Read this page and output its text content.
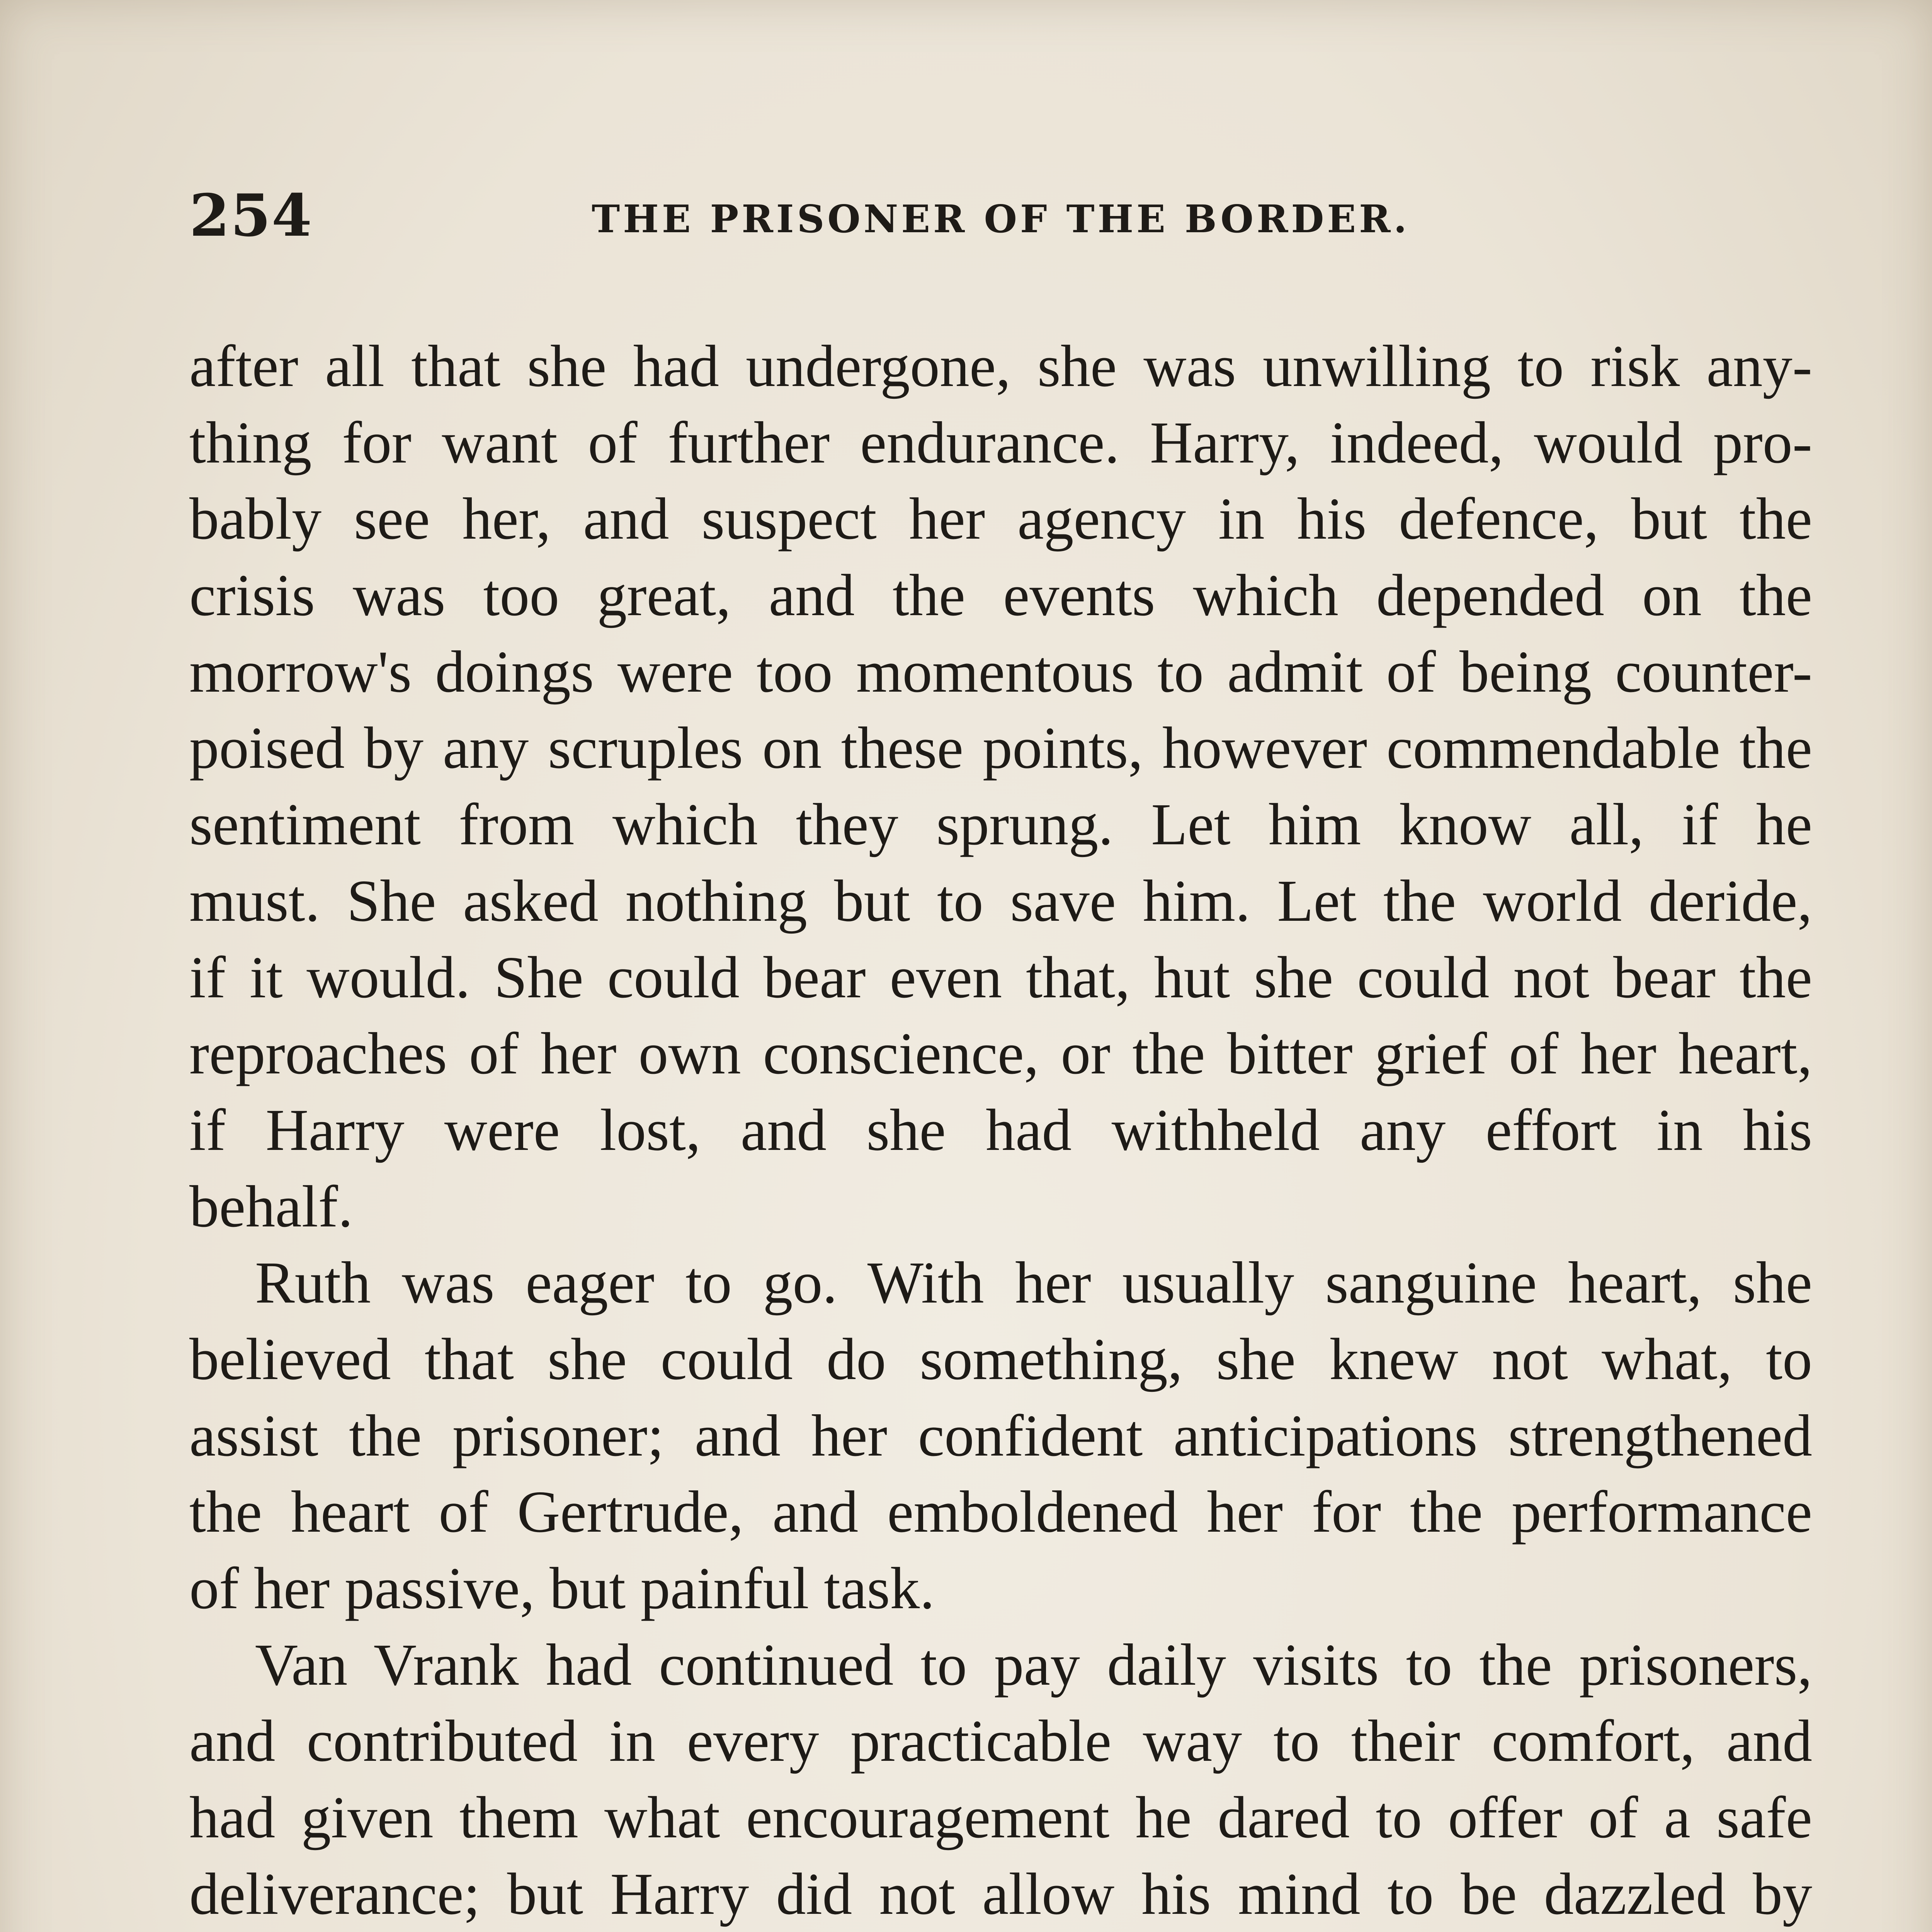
254	THE PRISONER OF THE BORDER.
after all that she had undergone, she was unwilling to risk any-
thing for want of further endurance. Harry, indeed, would pro-
bably see her, and suspect her agency in his defence, but the
crisis was too great, and the events which depended on the
morrow's doings were too momentous to admit of being counter-
poised by any scruples on these points, however commendable the
sentiment from which they sprung. Let him know all, if he
must. She asked nothing but to save him. Let the world deride,
if it would. She could bear even that, hut she could not bear the
reproaches of her own conscience, or the bitter grief of her heart,
if Harry were lost, and she had withheld any effort in his
behalf.
Ruth was eager to go. With her usually sanguine heart, she
believed that she could do something, she knew not what, to
assist the prisoner; and her confident anticipations strengthened
the heart of Gertrude, and emboldened her for the performance
of her passive, but painful task.
Van Vrank had continued to pay daily visits to the prisoners,
and contributed in every practicable way to their comfort, and
had given them what encouragement he dared to offer of a safe
deliverance; but Harry did not allow his mind to be dazzled by
